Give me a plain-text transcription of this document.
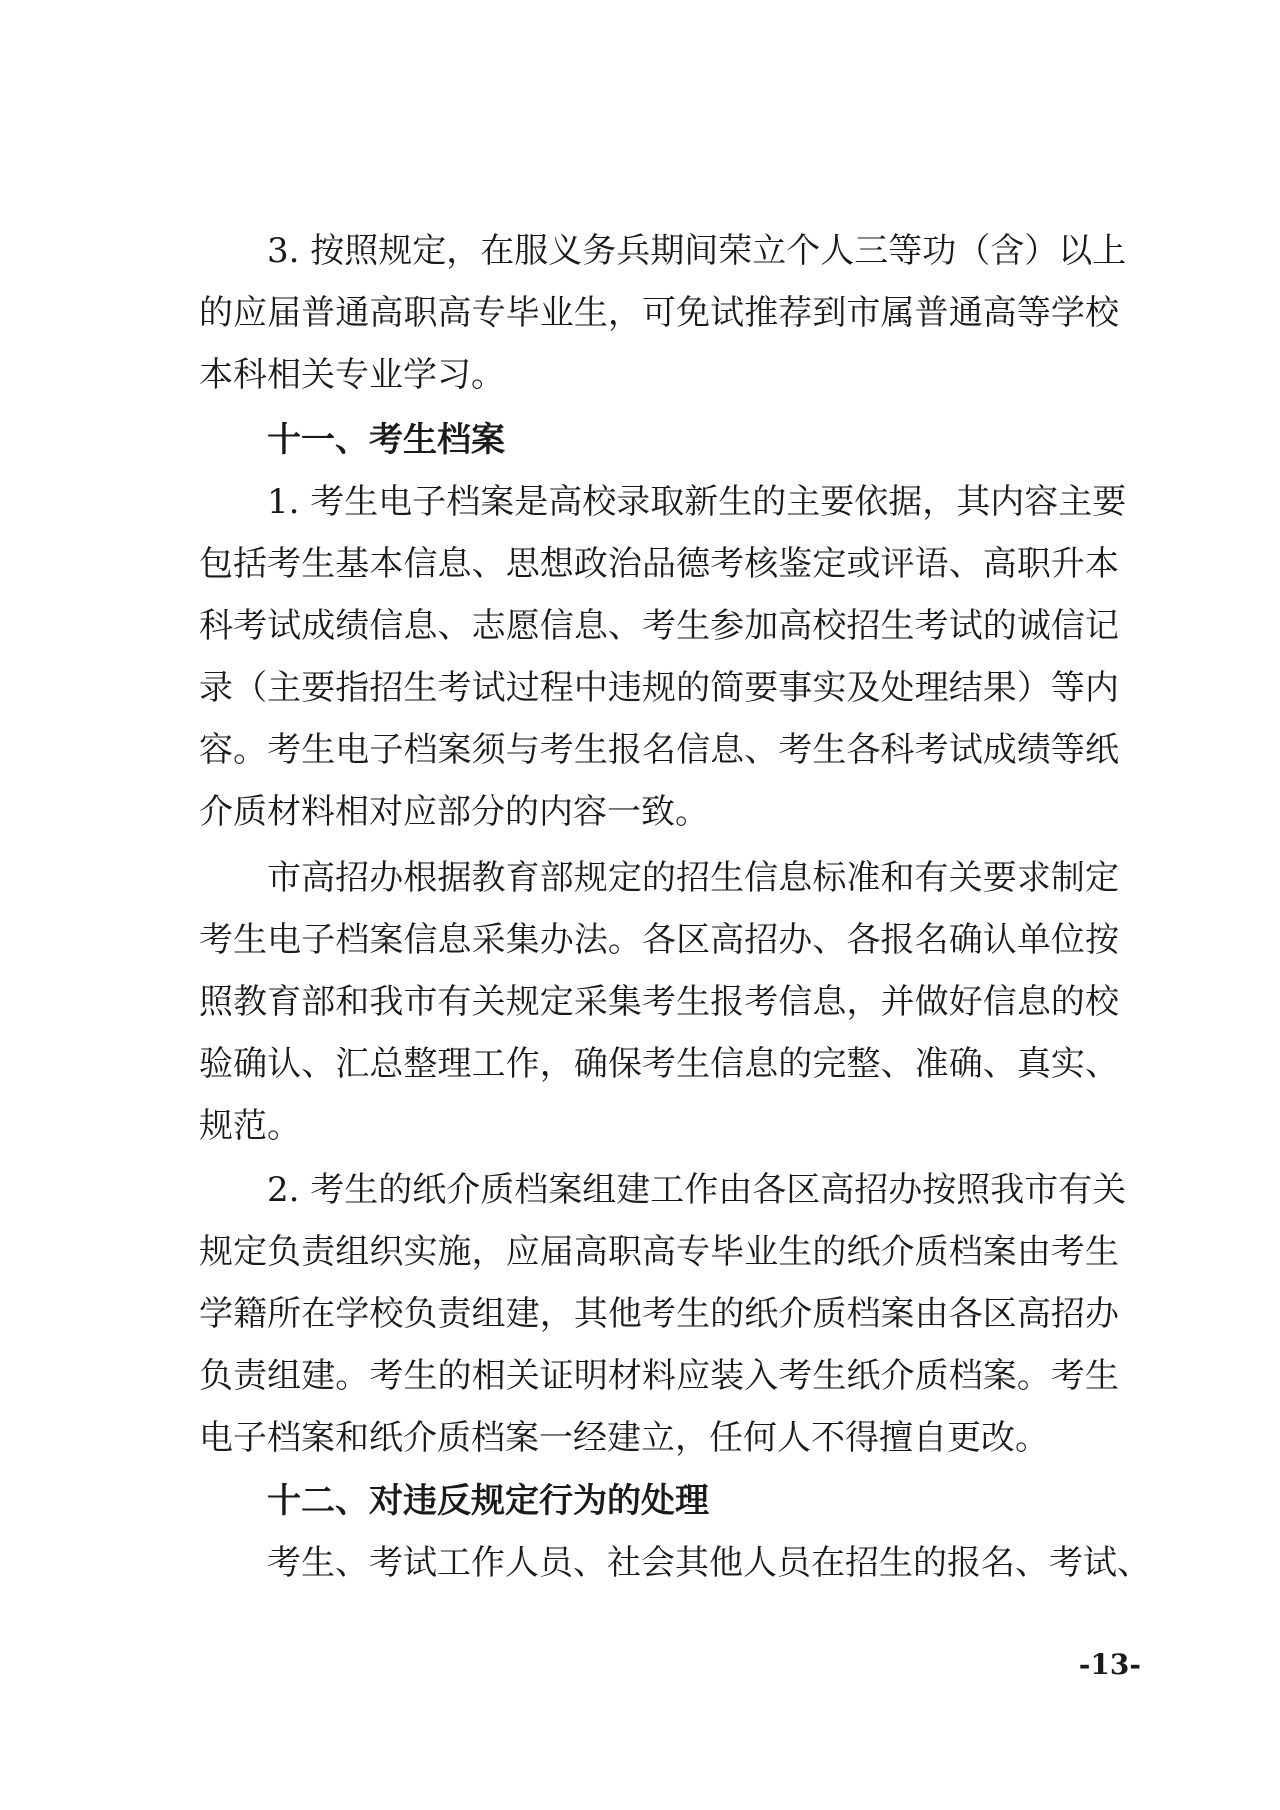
3. 按照规定，在服义务兵期间荣立个人三等功（含）以上
的应届普通高职高专毕业生，可免试推荐到市属普通高等学校
本科相关专业学习。
十一、考生档案
1. 考生电子档案是高校录取新生的主要依据，其内容主要
包括考生基本信息、思想政治品德考核鉴定或评语、高职升本
科考试成绩信息、志愿信息、考生参加高校招生考试的诚信记
录（主要指招生考试过程中违规的简要事实及处理结果）等内
容。考生电子档案须与考生报名信息、考生各科考试成绩等纸
介质材料相对应部分的内容一致。
市高招办根据教育部规定的招生信息标准和有关要求制定
考生电子档案信息采集办法。各区高招办、各报名确认单位按
照教育部和我市有关规定采集考生报考信息，并做好信息的校
验确认、汇总整理工作，确保考生信息的完整、准确、真实、
规范。
2. 考生的纸介质档案组建工作由各区高招办按照我市有关
规定负责组织实施，应届高职高专毕业生的纸介质档案由考生
学籍所在学校负责组建，其他考生的纸介质档案由各区高招办
负责组建。考生的相关证明材料应装入考生纸介质档案。考生
电子档案和纸介质档案一经建立，任何人不得擅自更改。
十二、对违反规定行为的处理
考生、考试工作人员、社会其他人员在招生的报名、考试、
-13-
